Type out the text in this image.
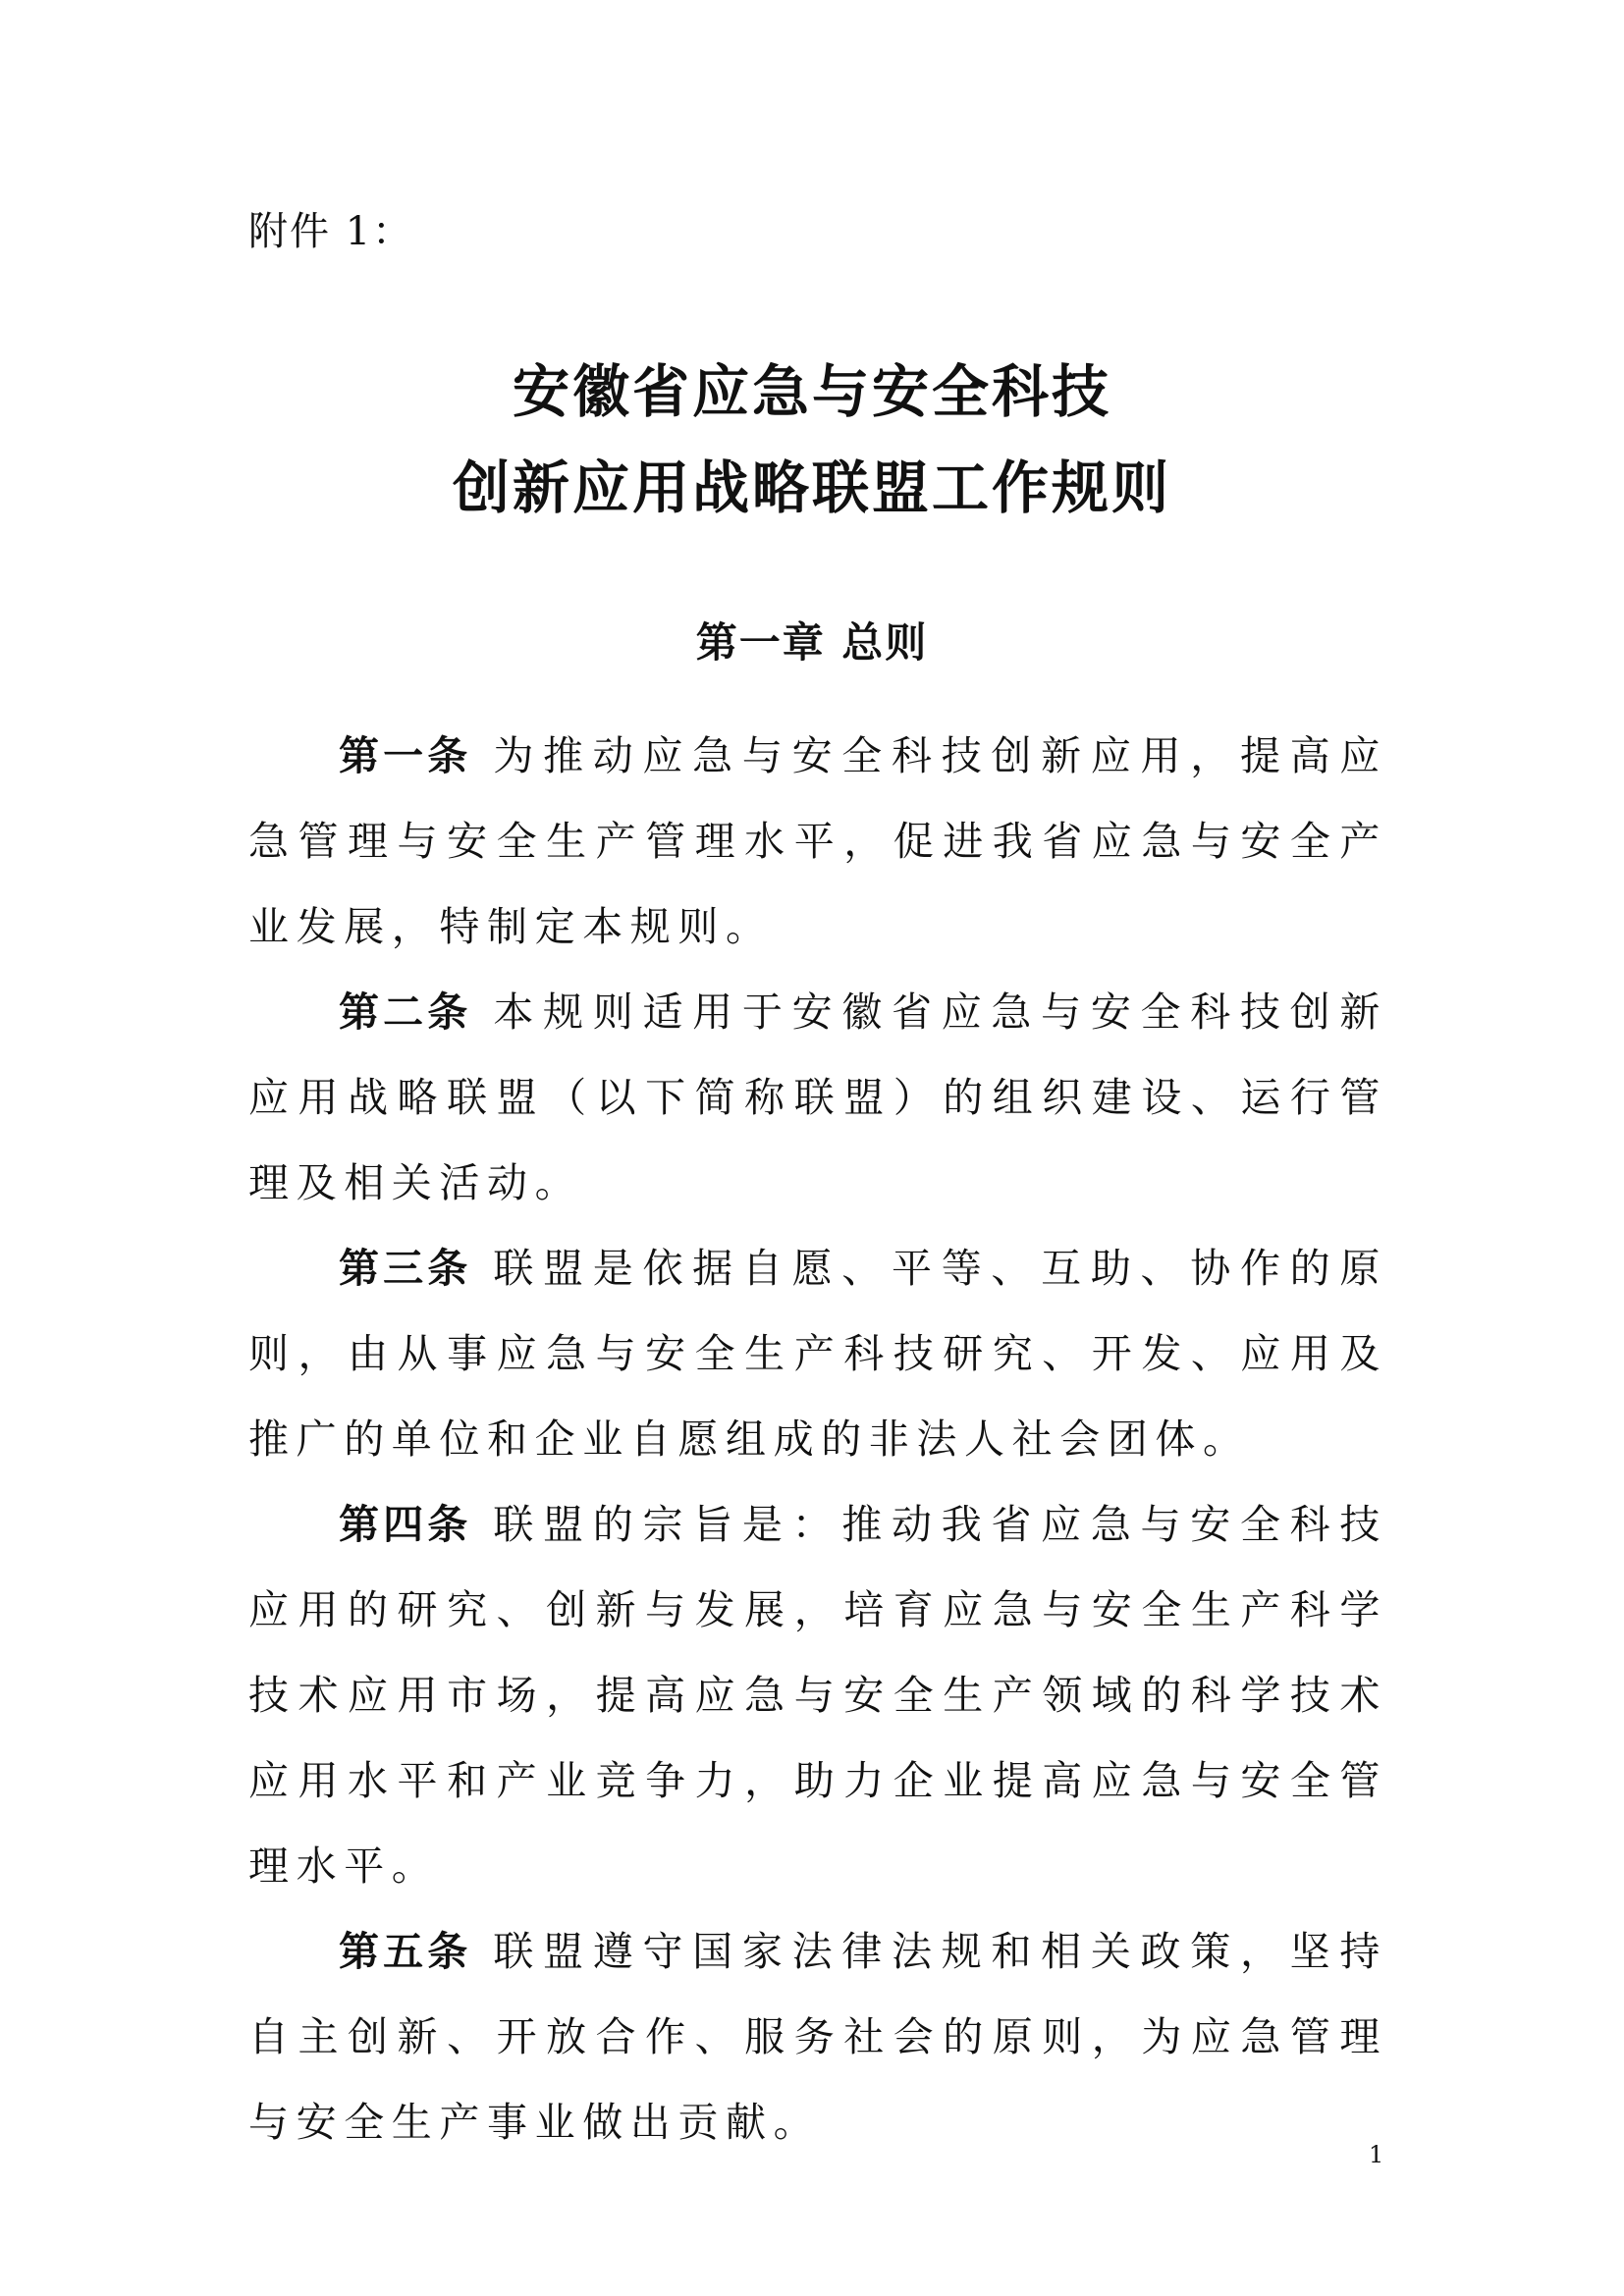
附件 1：
安徽省应急与安全科技
创新应用战略联盟工作规则
第一章 总则

第一条 为推动应急与安全科技创新应用，提高应急管理与安全生产管理水平，促进我省应急与安全产业发展，特制定本规则。

第二条 本规则适用于安徽省应急与安全科技创新应用战略联盟（以下简称联盟）的组织建设、运行管理及相关活动。

第三条 联盟是依据自愿、平等、互助、协作的原则，由从事应急与安全生产科技研究、开发、应用及推广的单位和企业自愿组成的非法人社会团体。

第四条 联盟的宗旨是：推动我省应急与安全科技应用的研究、创新与发展，培育应急与安全生产科学技术应用市场，提高应急与安全生产领域的科学技术应用水平和产业竞争力，助力企业提高应急与安全管理水平。

第五条 联盟遵守国家法律法规和相关政策，坚持自主创新、开放合作、服务社会的原则，为应急管理与安全生产事业做出贡献。

1
